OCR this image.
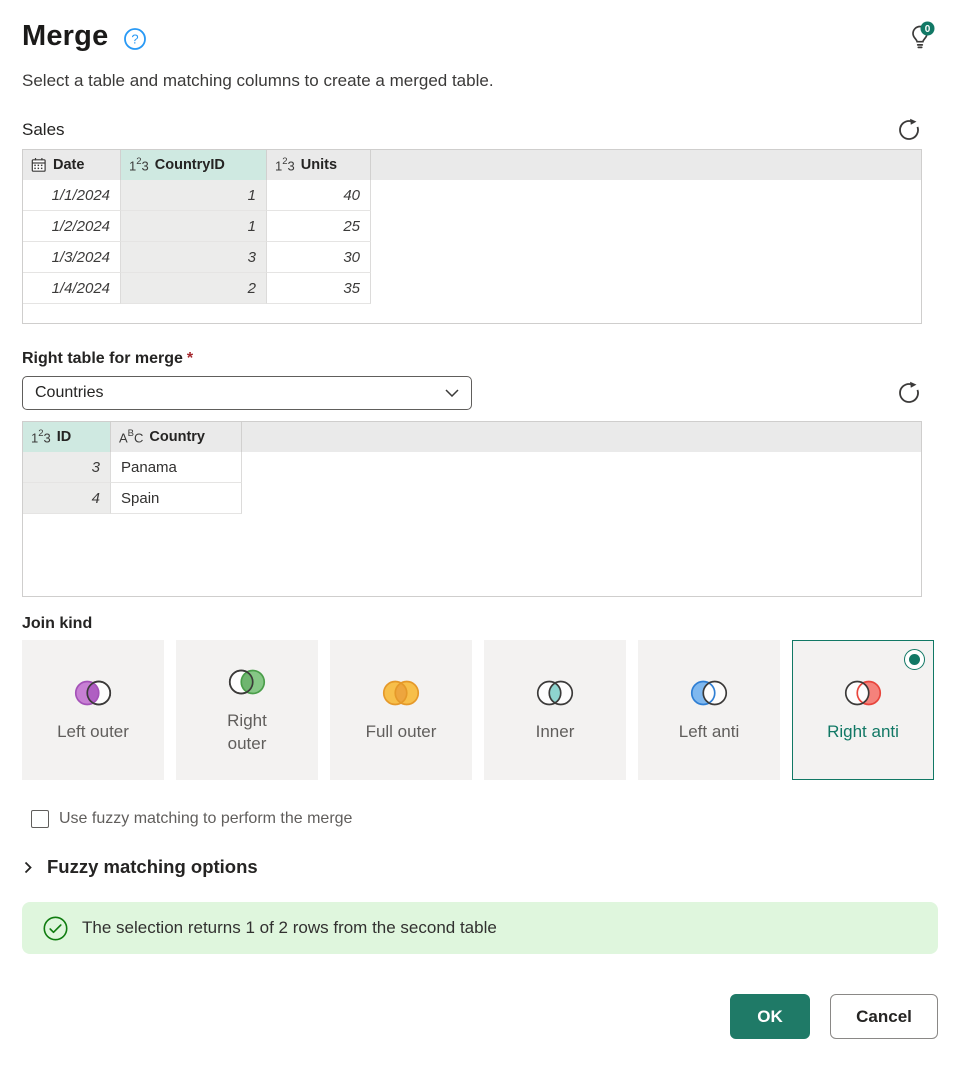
Merge ?
0
Select a table and matching columns to create a merged table.
Sales
Date	$1^23$ CountryID	$1^23$ Units
1/1/2024	1	40
1/2/2024	1	25
1/3/2024	3	30
1/4/2024	2	35
Right table for merge *
Countries
$1^23$ ID	$A^BC$ Country
3	Panama
4	Spain
Join kind
Left outer
Right outer
Full outer	Inner	Left anti	Right anti
Use fuzzy matching to perform the merge
Fuzzy matching options
The selection returns 1 of 2 rows from the second table
OK	Cancel
